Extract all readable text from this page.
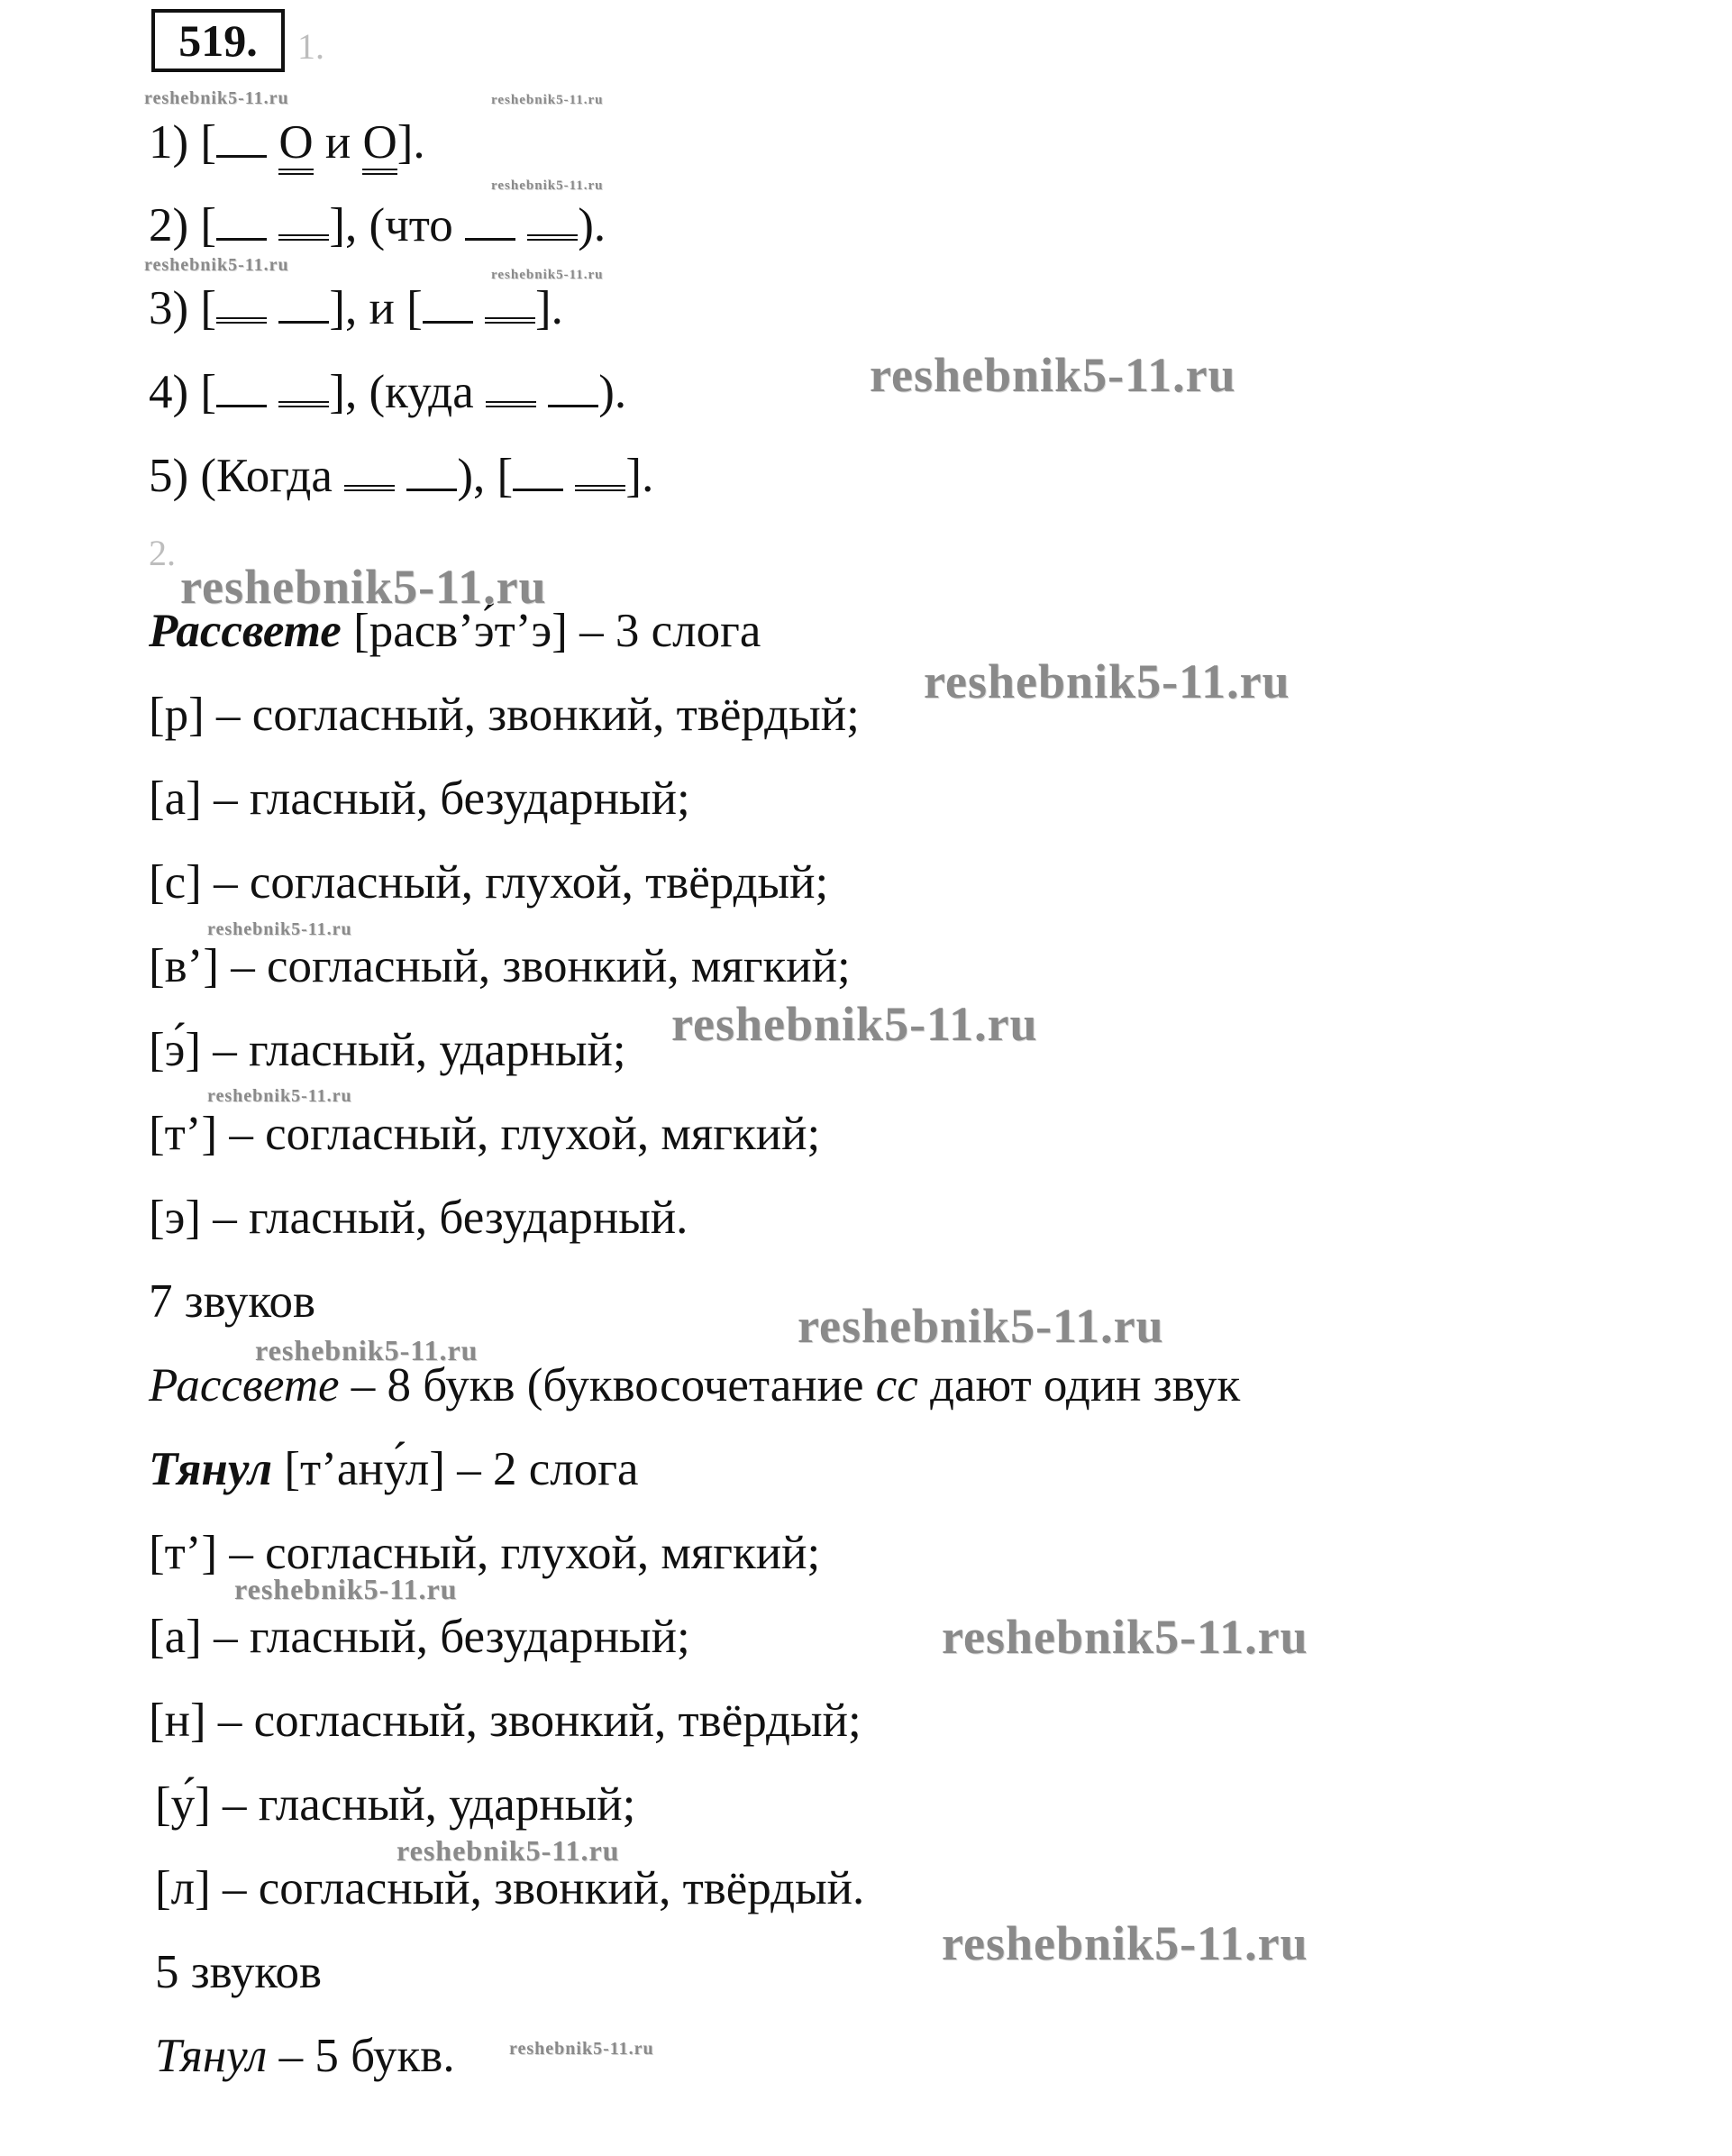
519.	1.
1) [ О и О].
2) [ ], (что  ).
3) [ ], и [ ].
4) [ ], (куда  ).
5) (Когда  ), [ ].
2.
Рассвете [расв’э́т’э] – 3 слога
[р] – согласный, звонкий, твёрдый;
[а] – гласный, безударный;
[с] – согласный, глухой, твёрдый;
[в’] – согласный, звонкий, мягкий;
[э́] – гласный, ударный;
[т’] – согласный, глухой, мягкий;
[э] – гласный, безударный.
7 звуков
Рассвете – 8 букв (буквосочетание сс дают один звук
Тянул [т’ану́л] – 2 слога
[т’] – согласный, глухой, мягкий;
[а] – гласный, безударный;
[н] – согласный, звонкий, твёрдый;
[у́] – гласный, ударный;
[л] – согласный, звонкий, твёрдый.
5 звуков
Тянул – 5 букв.
reshebnik5-11.ru	reshebnik5-11.ru
reshebnik5-11.ru
reshebnik5-11.ru	reshebnik5-11.ru
reshebnik5-11.ru
reshebnik5-11.ru
reshebnik5-11.ru
reshebnik5-11.ru
reshebnik5-11.ru
reshebnik5-11.ru
reshebnik5-11.ru
reshebnik5-11.ru
reshebnik5-11.ru
reshebnik5-11.ru
reshebnik5-11.ru
reshebnik5-11.ru
reshebnik5-11.ru
